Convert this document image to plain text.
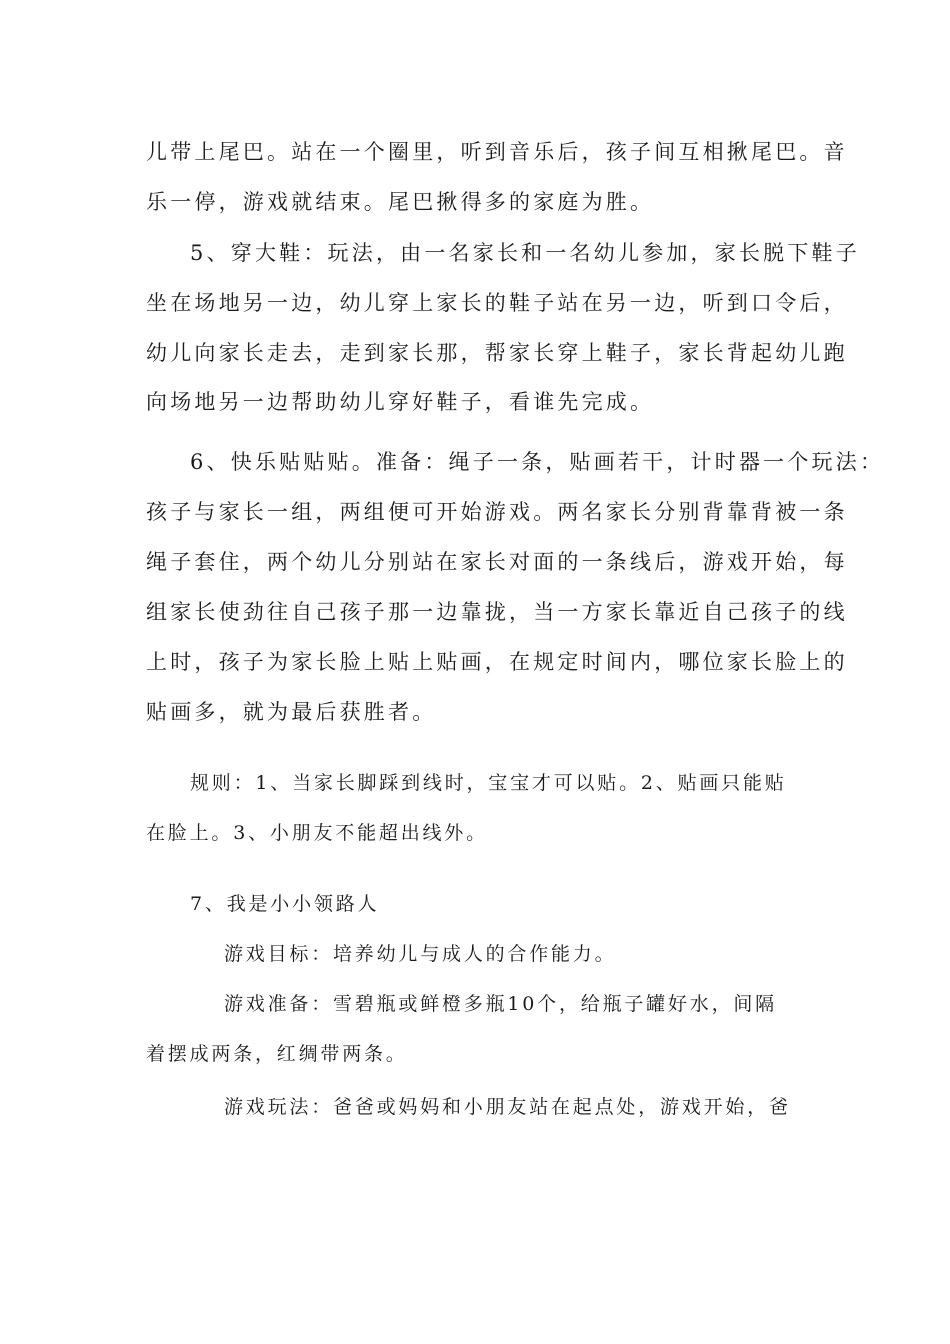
儿带上尾巴。站在一个圈里，听到音乐后，孩子间互相揪尾巴。音
乐一停，游戏就结束。尾巴揪得多的家庭为胜。
5、穿大鞋：玩法，由一名家长和一名幼儿参加，家长脱下鞋子
坐在场地另一边，幼儿穿上家长的鞋子站在另一边，听到口令后，
幼儿向家长走去，走到家长那，帮家长穿上鞋子，家长背起幼儿跑
向场地另一边帮助幼儿穿好鞋子，看谁先完成。
6、快乐贴贴贴。准备：绳子一条，贴画若干，计时器一个玩法：
孩子与家长一组，两组便可开始游戏。两名家长分别背靠背被一条
绳子套住，两个幼儿分别站在家长对面的一条线后，游戏开始，每
组家长使劲往自己孩子那一边靠拢，当一方家长靠近自己孩子的线
上时，孩子为家长脸上贴上贴画，在规定时间内，哪位家长脸上的
贴画多，就为最后获胜者。
规则：1、当家长脚踩到线时，宝宝才可以贴。2、贴画只能贴
在脸上。3、小朋友不能超出线外。
7、我是小小领路人
游戏目标：培养幼儿与成人的合作能力。
游戏准备：雪碧瓶或鲜橙多瓶10个，给瓶子罐好水，间隔
着摆成两条，红绸带两条。
游戏玩法：爸爸或妈妈和小朋友站在起点处，游戏开始，爸
